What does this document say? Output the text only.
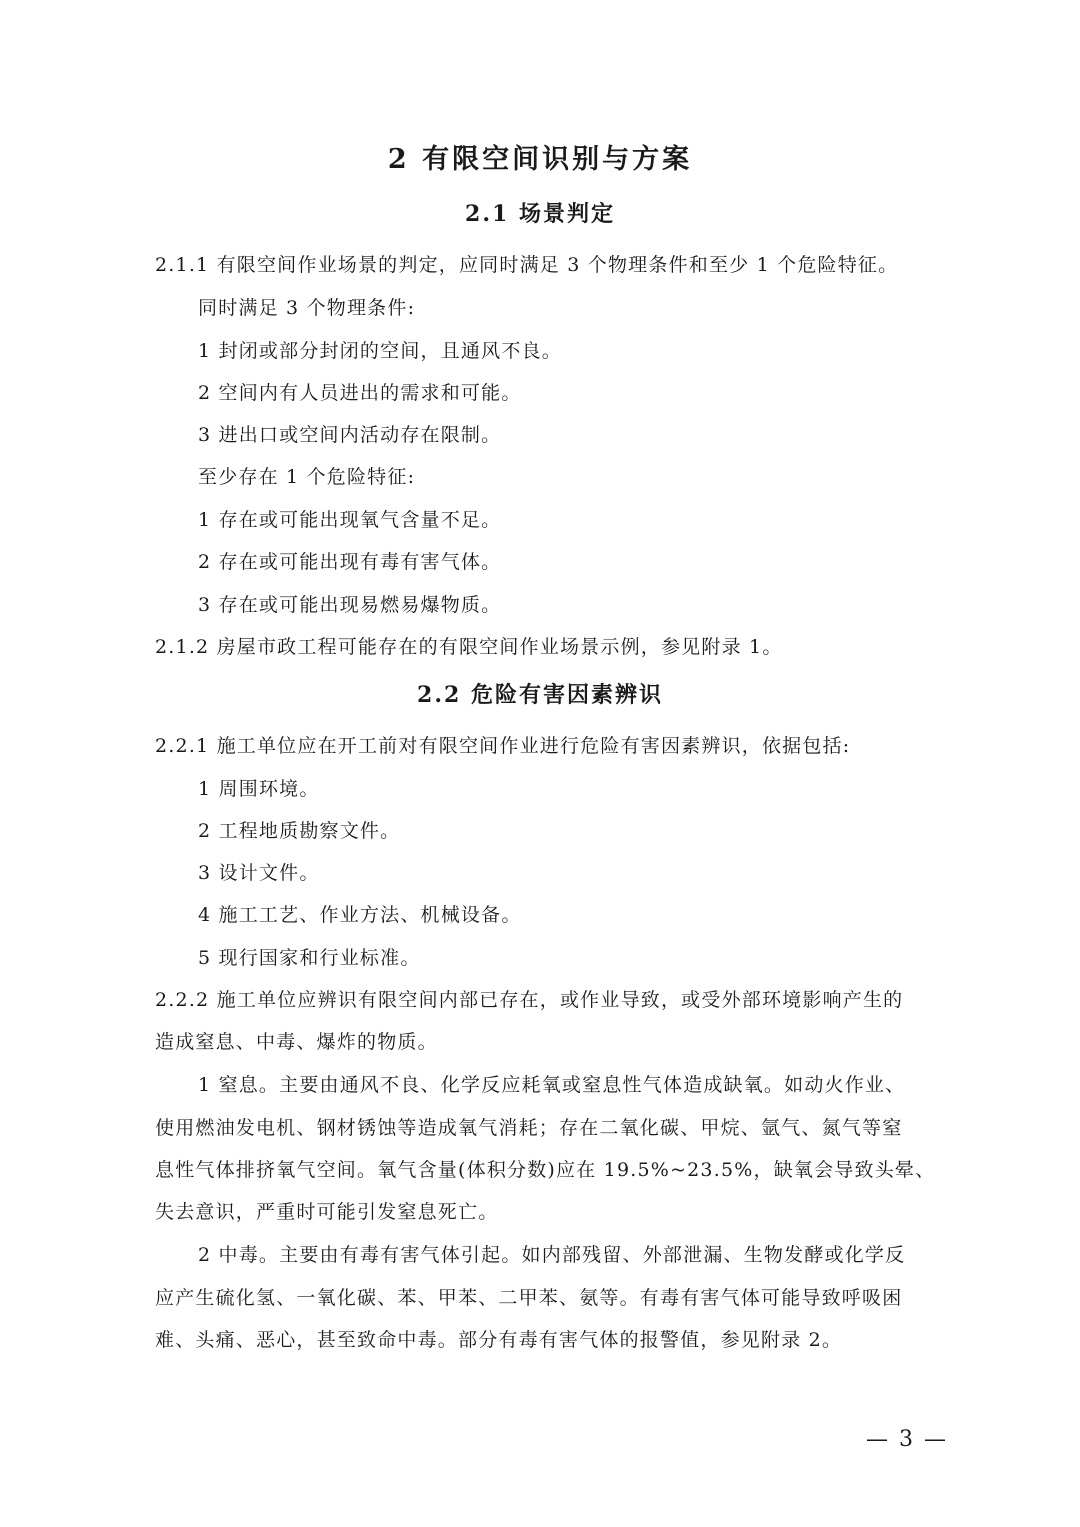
2 有限空间识别与方案
2.1 场景判定
2.1.1 有限空间作业场景的判定，应同时满足 3 个物理条件和至少 1 个危险特征。
同时满足 3 个物理条件:
1 封闭或部分封闭的空间，且通风不良。
2 空间内有人员进出的需求和可能。
3 进出口或空间内活动存在限制。
至少存在 1 个危险特征:
1 存在或可能出现氧气含量不足。
2 存在或可能出现有毒有害气体。
3 存在或可能出现易燃易爆物质。
2.1.2 房屋市政工程可能存在的有限空间作业场景示例，参见附录 1。
2.2 危险有害因素辨识
2.2.1 施工单位应在开工前对有限空间作业进行危险有害因素辨识，依据包括:
1 周围环境。
2 工程地质勘察文件。
3 设计文件。
4 施工工艺、作业方法、机械设备。
5 现行国家和行业标准。
2.2.2 施工单位应辨识有限空间内部已存在，或作业导致，或受外部环境影响产生的
造成窒息、中毒、爆炸的物质。
1 窒息。主要由通风不良、化学反应耗氧或窒息性气体造成缺氧。如动火作业、
使用燃油发电机、钢材锈蚀等造成氧气消耗；存在二氧化碳、甲烷、氩气、氮气等窒
息性气体排挤氧气空间。氧气含量(体积分数)应在 19.5%~23.5%，缺氧会导致头晕、
失去意识，严重时可能引发窒息死亡。
2 中毒。主要由有毒有害气体引起。如内部残留、外部泄漏、生物发酵或化学反
应产生硫化氢、一氧化碳、苯、甲苯、二甲苯、氨等。有毒有害气体可能导致呼吸困
难、头痛、恶心，甚至致命中毒。部分有毒有害气体的报警值，参见附录 2。
— 3 —
